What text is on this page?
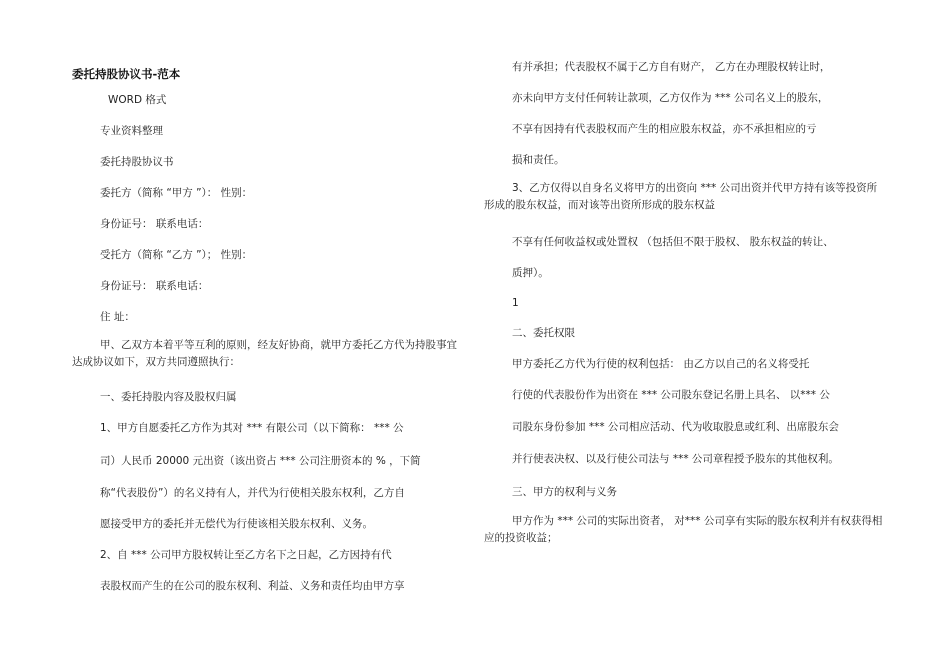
委托持股协议书-范本
WORD 格式
专业资料整理
委托持股协议书
委托方（简称 “甲方 ”）： 性别：
身份证号： 联系电话：
受托方（简称 “乙方 ”）； 性别：
身份证号： 联系电话：
住 址：
甲、乙双方本着平等互利的原则，经友好协商，就甲方委托乙方代为持股事宜达成协议如下，双方共同遵照执行：
一、委托持股内容及股权归属
1、甲方自愿委托乙方作为其对 *** 有限公司（以下简称： *** 公
司）人民币 20000 元出资（该出资占 *** 公司注册资本的 % ，下简
称“代表股份”）的名义持有人，并代为行使相关股东权利，乙方自
愿接受甲方的委托并无偿代为行使该相关股东权利、义务。
2、自 *** 公司甲方股权转让至乙方名下之日起，乙方因持有代
表股权而产生的在公司的股东权利、利益、义务和责任均由甲方享
有并承担；代表股权不属于乙方自有财产， 乙方在办理股权转让时，
亦未向甲方支付任何转让款项，乙方仅作为 *** 公司名义上的股东，
不享有因持有代表股权而产生的相应股东权益，亦不承担相应的亏
损和责任。
3、乙方仅得以自身名义将甲方的出资向 *** 公司出资并代甲方持有该等投资所形成的股东权益，而对该等出资所形成的股东权益
不享有任何收益权或处置权 （包括但不限于股权、 股东权益的转让、
质押）。
1
二、委托权限
甲方委托乙方代为行使的权利包括： 由乙方以自己的名义将受托
行使的代表股份作为出资在 *** 公司股东登记名册上具名、 以*** 公
司股东身份参加 *** 公司相应活动、代为收取股息或红利、出席股东会
并行使表决权、以及行使公司法与 *** 公司章程授予股东的其他权利。
三、甲方的权利与义务
甲方作为 *** 公司的实际出资者， 对*** 公司享有实际的股东权利并有权获得相应的投资收益；
